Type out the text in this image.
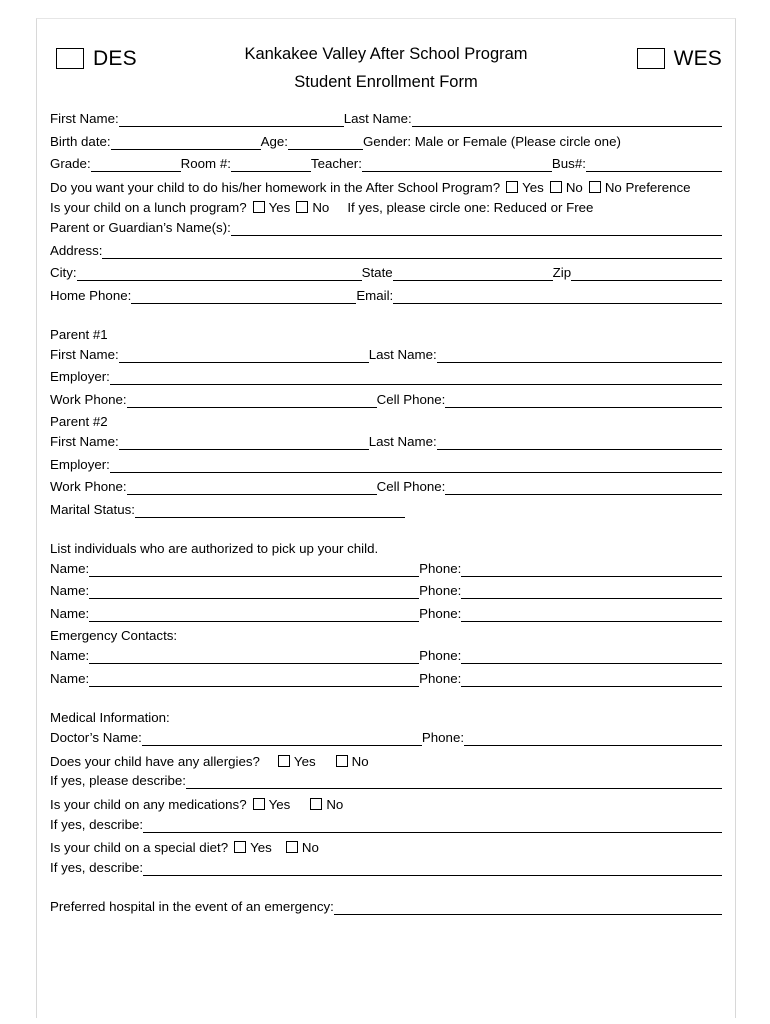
DES	WES
Kankakee Valley After School Program
Student Enrollment Form
First Name:	Last Name:
Birth date:	Age:	Gender: Male or Female (Please circle one)
Grade:	Room #:	Teacher:	Bus#:
Do you want your child to do his/her homework in the After School Program? Yes No No Preference
Is your child on a lunch program? Yes No	If yes, please circle one: Reduced or Free
Parent or Guardian’s Name(s):
Address:
City:	State	Zip
Home Phone:	Email:
Parent #1
First Name:	Last Name:
Employer:
Work Phone:	Cell Phone:
Parent #2
First Name:	Last Name:
Employer:
Work Phone:	Cell Phone:
Marital Status:
List individuals who are authorized to pick up your child.
Name:	Phone:
Name:	Phone:
Name:	Phone:
Emergency Contacts:
Name:	Phone:
Name:	Phone:
Medical Information:
Doctor’s Name:	Phone:
Does your child have any allergies?	Yes	No
If yes, please describe:
Is your child on any medications? Yes	No
If yes, describe:
Is your child on a special diet? Yes No
If yes, describe:
Preferred hospital in the event of an emergency:
